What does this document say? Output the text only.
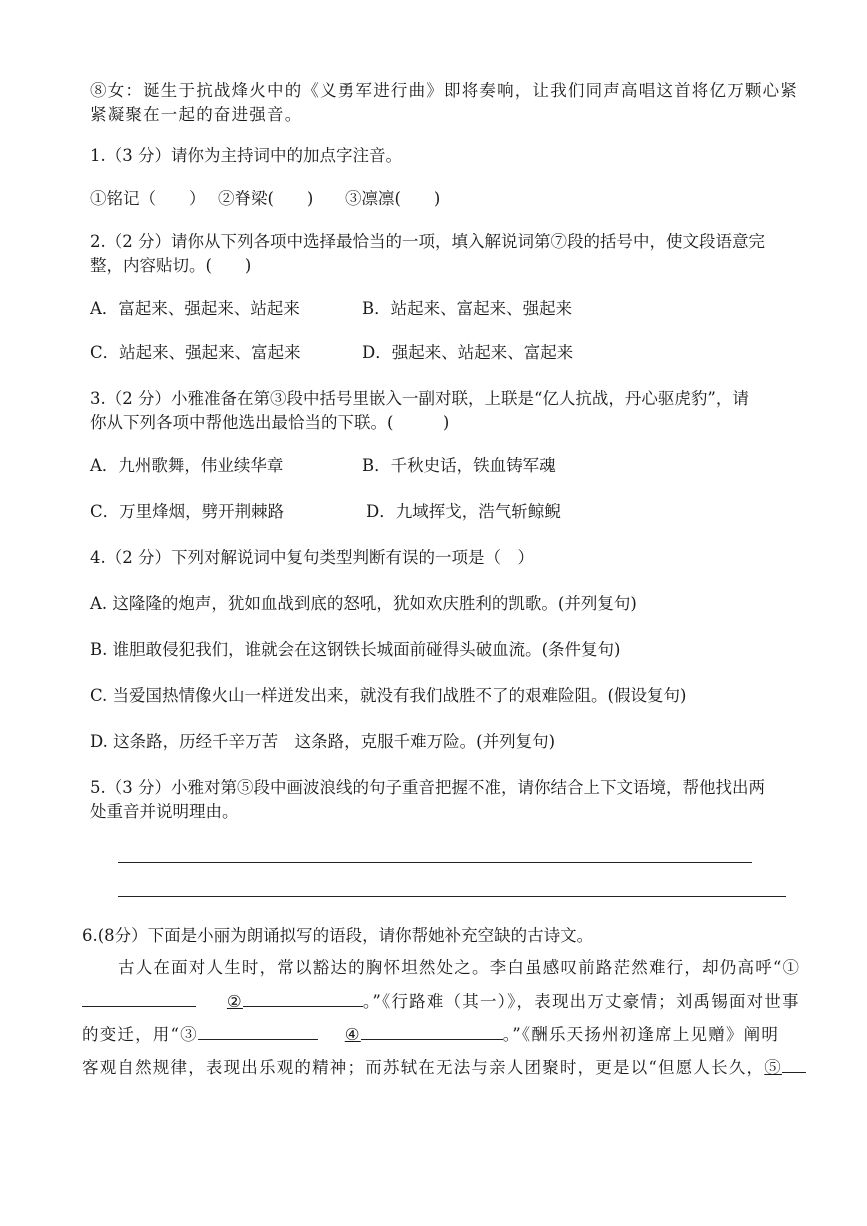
⑧女：诞生于抗战烽火中的《义勇军进行曲》即将奏响，让我们同声高唱这首将亿万颗心紧
紧凝聚在一起的奋进强音。
1.（3 分）请你为主持词中的加点字注音。
①铭记（　　） ②脊梁(　　) ③凛凛(　　)
2.（2 分）请你从下列各项中选择最恰当的一项，填入解说词第⑦段的括号中，使文段语意完
整，内容贴切。(　　)
A．富起来、强起来、站起来	B．站起来、富起来、强起来
C．站起来、强起来、富起来	D．强起来、站起来、富起来
3.（2 分）小雅准备在第③段中括号里嵌入一副对联，上联是“亿人抗战，丹心驱虎豹”，请
你从下列各项中帮他选出最恰当的下联。(　　　)
A．九州歌舞，伟业续华章	B．千秋史话，铁血铸军魂
C．万里烽烟，劈开荆棘路	D．九域挥戈，浩气斩鲸鲵
4.（2 分）下列对解说词中复句类型判断有误的一项是（　）
A. 这隆隆的炮声，犹如血战到底的怒吼，犹如欢庆胜利的凯歌。(并列复句)
B. 谁胆敢侵犯我们，谁就会在这钢铁长城面前碰得头破血流。(条件复句)
C. 当爱国热情像火山一样迸发出来，就没有我们战胜不了的艰难险阻。(假设复句)
D. 这条路，历经千辛万苦　这条路，克服千难万险。(并列复句)
5.（3 分）小雅对第⑤段中画波浪线的句子重音把握不准，请你结合上下文语境，帮他找出两
处重音并说明理由。
6.(8分）下面是小丽为朗诵拟写的语段，请你帮她补充空缺的古诗文。
古人在面对人生时，常以豁达的胸怀坦然处之。李白虽感叹前路茫然难行，却仍高呼“①
②	。”《行路难（其一）》，表现出万丈豪情；刘禹锡面对世事
的变迁，用“③	④	。”《酬乐天扬州初逢席上见赠》阐明
客观自然规律，表现出乐观的精神；而苏轼在无法与亲人团聚时，更是以“但愿人长久，⑤
